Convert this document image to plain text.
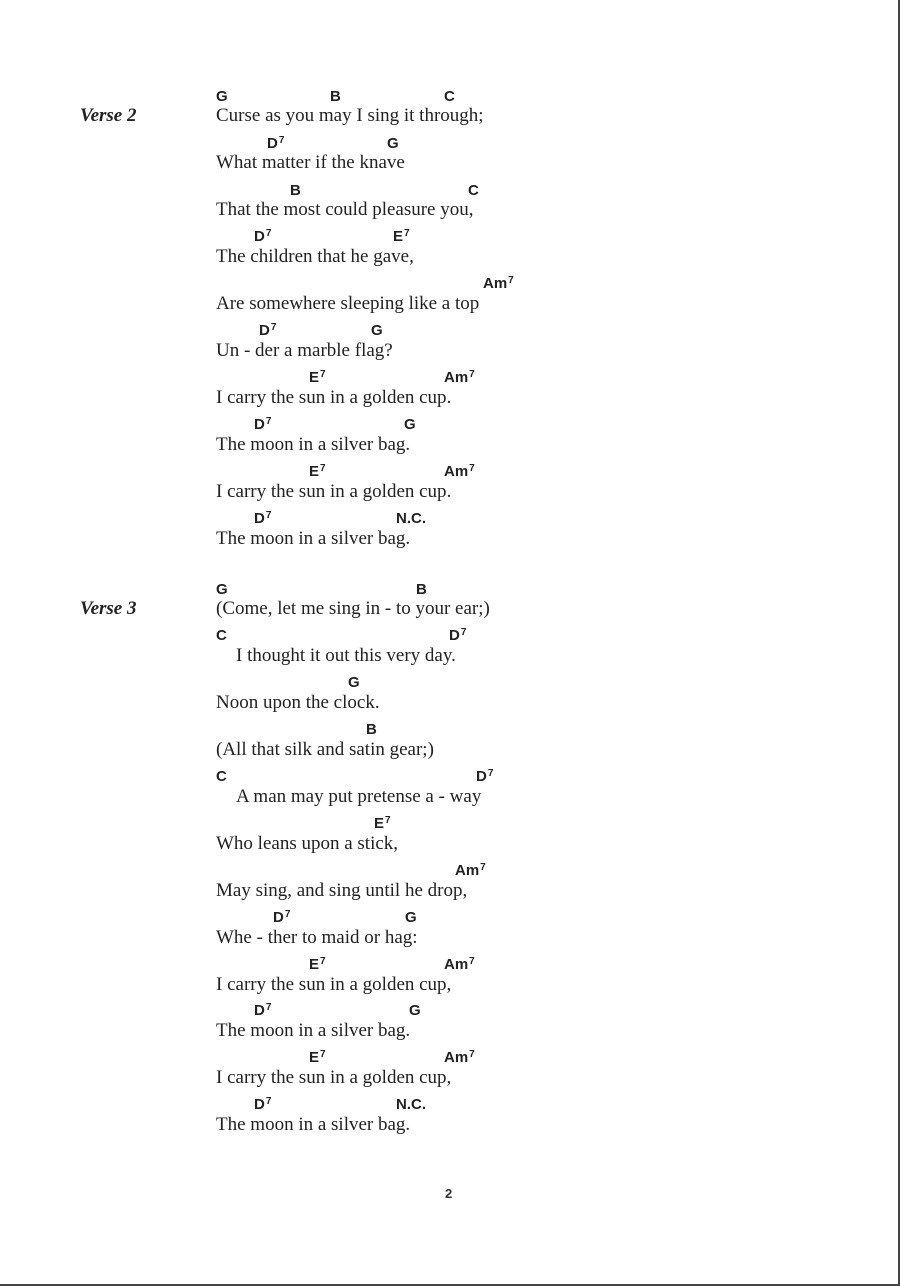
Verse 2
G	B	C
Curse as you may I sing it through;
$D^7$	G
What matter if the knave
B	C
That the most could pleasure you,
$D^7$	$E^7$
The children that he gave,
Am$^7$
Are somewhere sleeping like a top
$D^7$	G
Un - der a marble flag?
$E^7$	Am$^7$
I carry the sun in a golden cup.
$D^7$	G
The moon in a silver bag.
$E^7$	Am$^7$
I carry the sun in a golden cup.
$D^7$	N.C.
The moon in a silver bag.
Verse 3
G	B
(Come, let me sing in - to your ear;)
C	$D^7$
I thought it out this very day.
G
Noon upon the clock.
B
(All that silk and satin gear;)
C	$D^7$
A man may put pretense a - way
$E^7$
Who leans upon a stick,
Am$^7$
May sing, and sing until he drop,
$D^7$	G
Whe - ther to maid or hag:
$E^7$	Am$^7$
I carry the sun in a golden cup,
$D^7$	G
The moon in a silver bag.
$E^7$	Am$^7$
I carry the sun in a golden cup,
$D^7$	N.C.
The moon in a silver bag.
2
